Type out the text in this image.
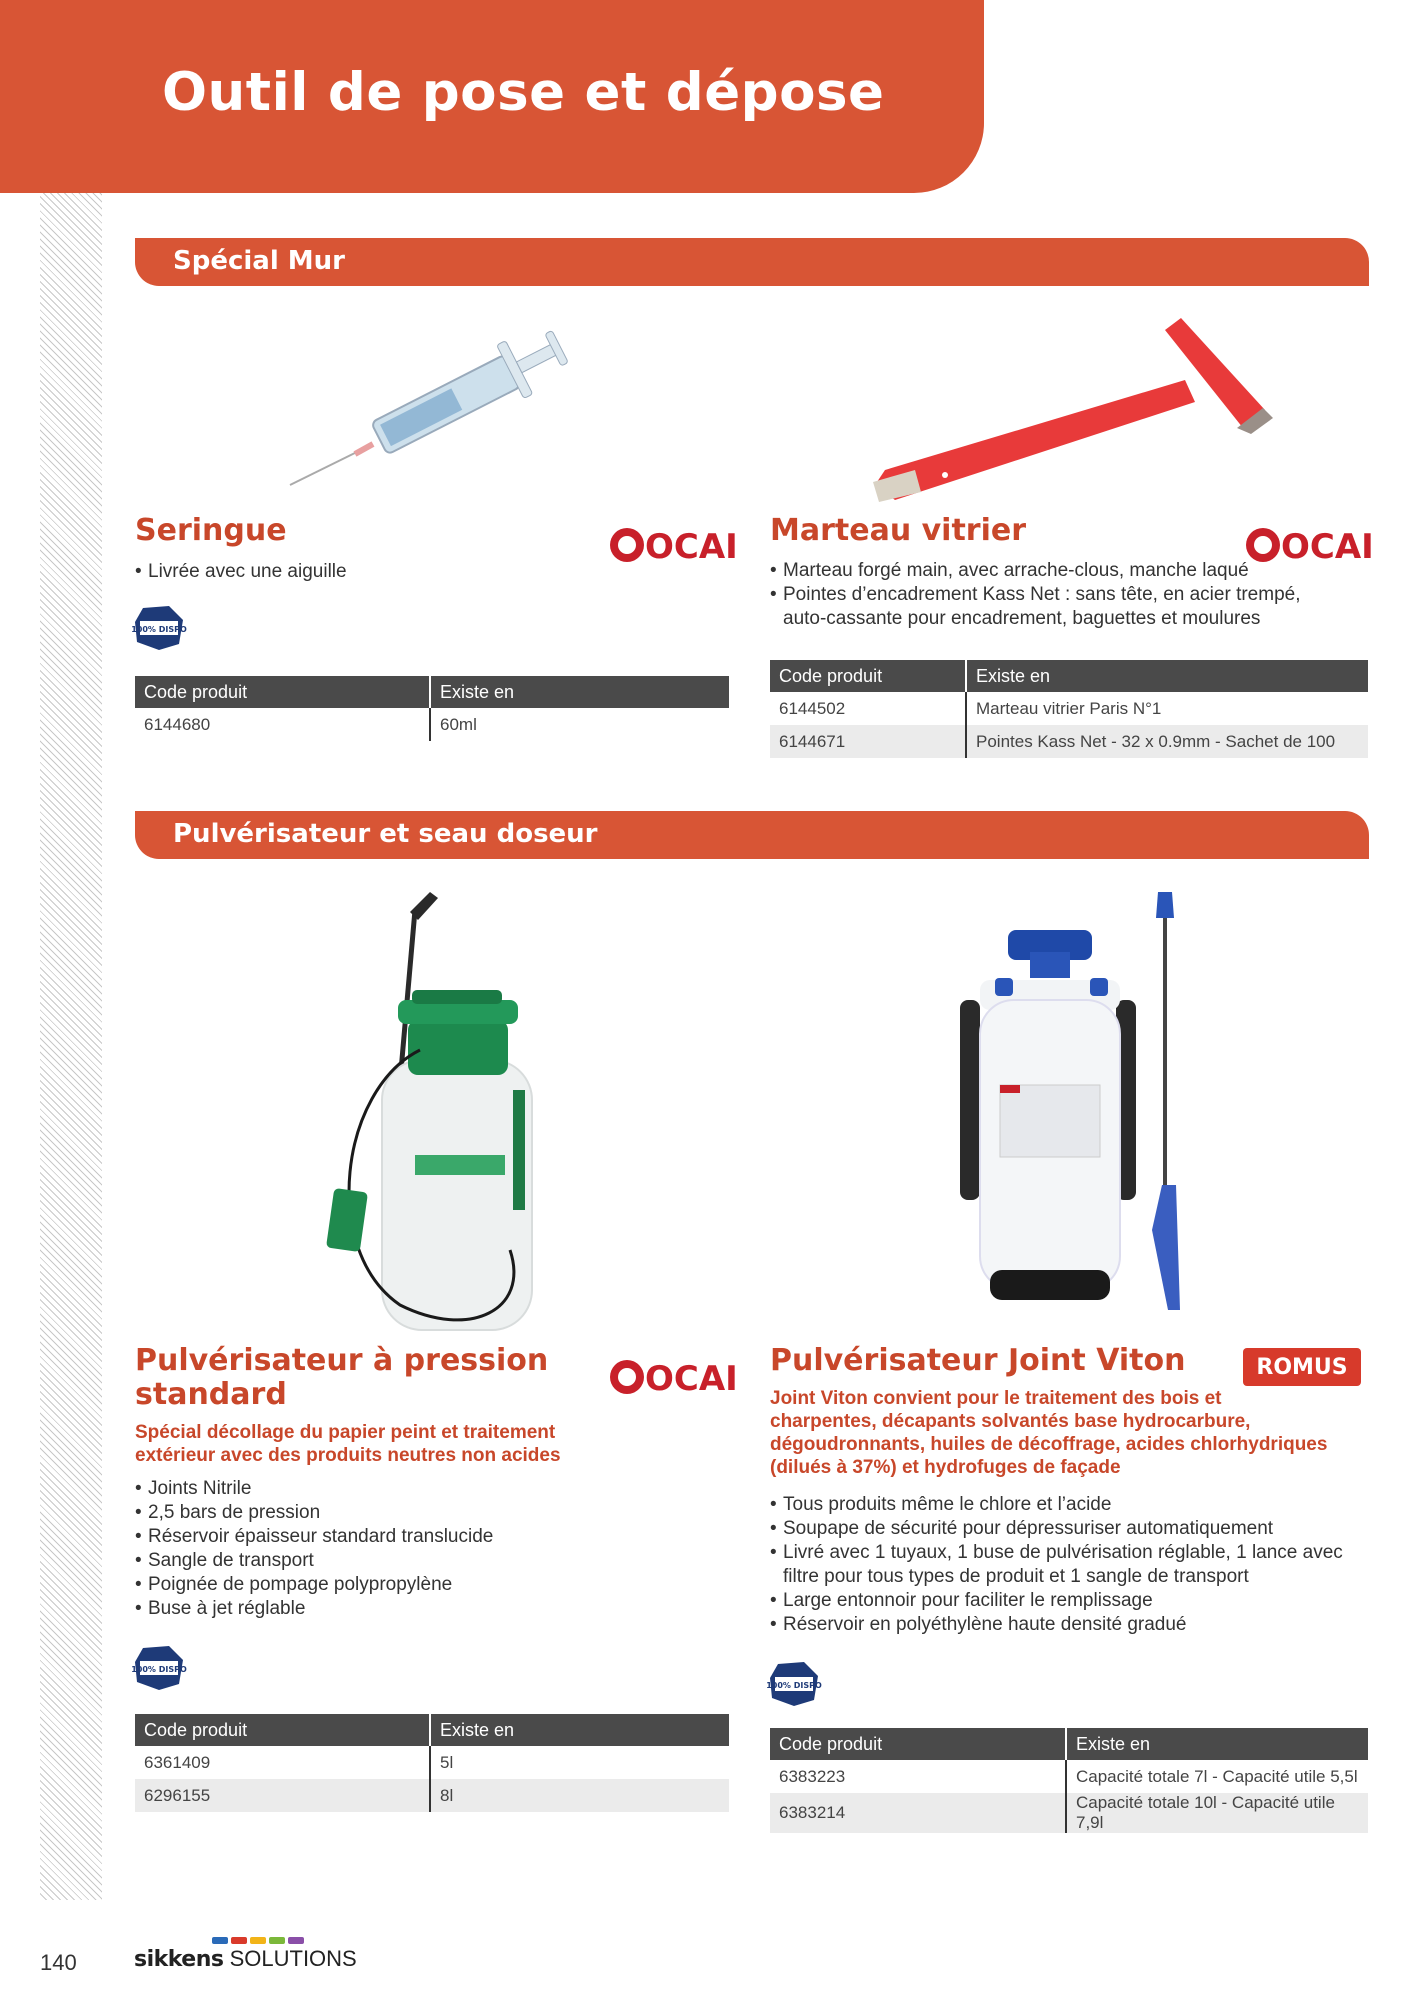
Outil de pose et dépose
Spécial Mur
Seringue
• Livrée avec une aiguille
OCAI
100% DISPO
Code produit	Existe en
6144680	60ml
Marteau vitrier
• Marteau forgé main, avec arrache-clous, manche laqué
• Pointes d’encadrement Kass Net : sans tête, en acier trempé, auto-cassante pour encadrement, baguettes et moulures
OCAI
Code produit	Existe en
6144502	Marteau vitrier Paris N°1
6144671	Pointes Kass Net - 32 x 0.9mm - Sachet de 100
Pulvérisateur et seau doseur
Pulvérisateur à pression
standard	OCAI
Spécial décollage du papier peint et traitement extérieur avec des produits neutres non acides
• Joints Nitrile
• 2,5 bars de pression
• Réservoir épaisseur standard translucide
• Sangle de transport
• Poignée de pompage polypropylène
• Buse à jet réglable
100% DISPO
Code produit	Existe en
6361409	5l
6296155	8l
Pulvérisateur Joint Viton	ROMUS
Joint Viton convient pour le traitement des bois et charpentes, décapants solvantés base hydrocarbure, dégoudronnants, huiles de décoffrage, acides chlorhydriques (dilués à 37%) et hydrofuges de façade
• Tous produits même le chlore et l’acide
• Soupape de sécurité pour dépressuriser automatiquement
• Livré avec 1 tuyaux, 1 buse de pulvérisation réglable, 1 lance avec filtre pour tous types de produit et 1 sangle de transport
• Large entonnoir pour faciliter le remplissage
• Réservoir en polyéthylène haute densité gradué
100% DISPO
Code produit	Existe en
6383223	Capacité totale 7l - Capacité utile 5,5l
6383214	Capacité totale 10l - Capacité utile 7,9l
140	sikkens SOLUTIONS
